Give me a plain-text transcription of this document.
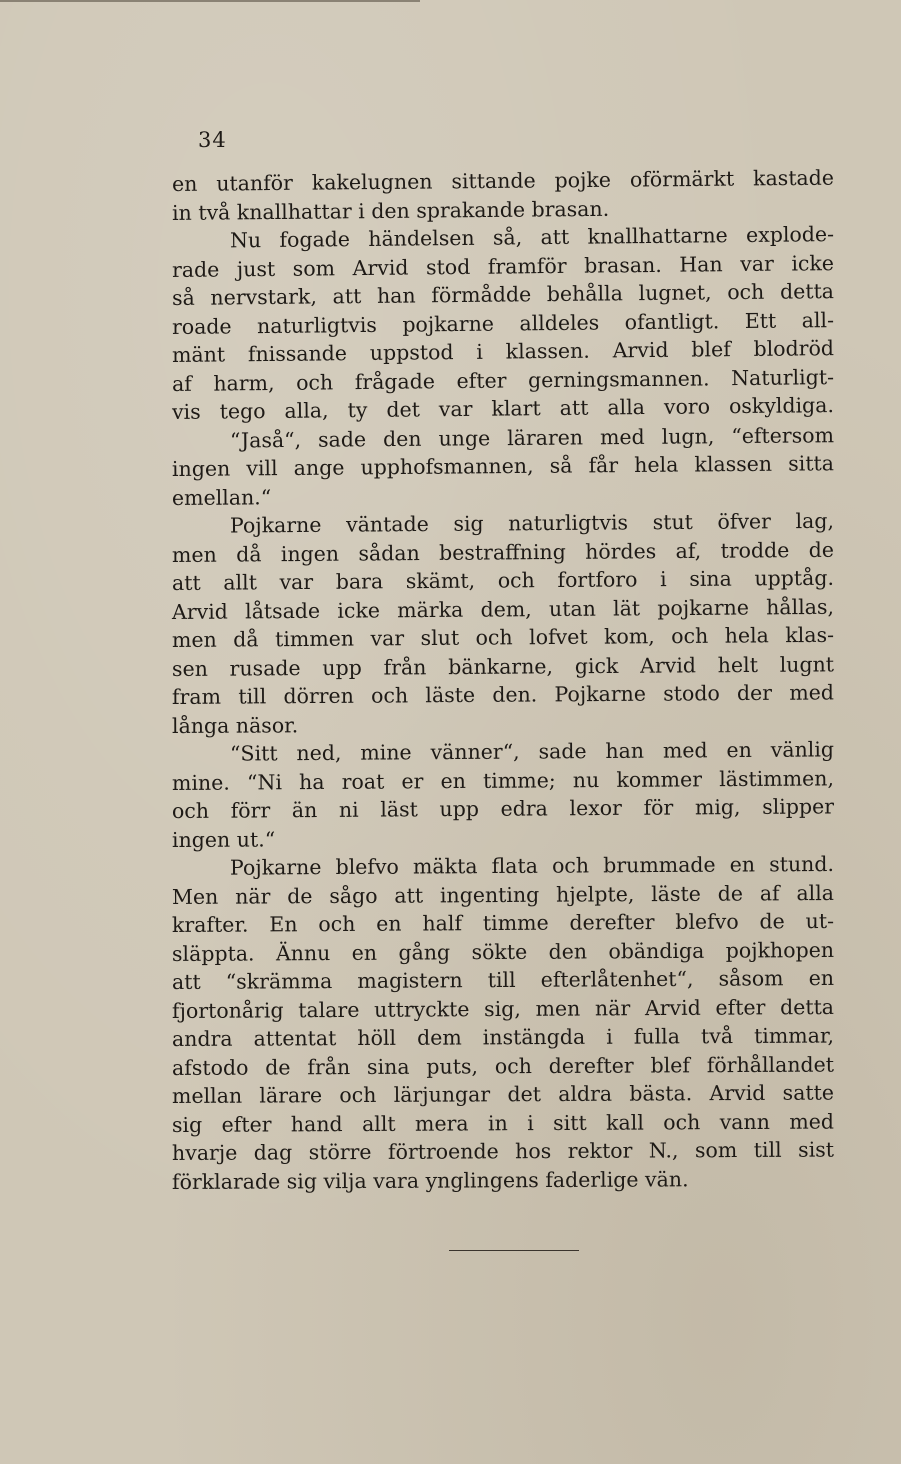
34
en utanför kakelugnen sittande pojke oförmärkt kastade
in två knallhattar i den sprakande brasan.
Nu fogade händelsen så, att knallhattarne explode-
rade just som Arvid stod framför brasan. Han var icke
så nervstark, att han förmådde behålla lugnet, och detta
roade naturligtvis pojkarne alldeles ofantligt. Ett all-
mänt fnissande uppstod i klassen. Arvid blef blodröd
af harm, och frågade efter gerningsmannen. Naturligt-
vis tego alla, ty det var klart att alla voro oskyldiga.
“Jaså“, sade den unge läraren med lugn, “eftersom
ingen vill ange upphofsmannen, så får hela klassen sitta
emellan.“
Pojkarne väntade sig naturligtvis stut öfver lag,
men då ingen sådan bestraffning hördes af, trodde de
att allt var bara skämt, och fortforo i sina upptåg.
Arvid låtsade icke märka dem, utan lät pojkarne hållas,
men då timmen var slut och lofvet kom, och hela klas-
sen rusade upp från bänkarne, gick Arvid helt lugnt
fram till dörren och läste den. Pojkarne stodo der med
långa näsor.
“Sitt ned, mine vänner“, sade han med en vänlig
mine. “Ni ha roat er en timme; nu kommer lästimmen,
och förr än ni läst upp edra lexor för mig, slipper
ingen ut.“
Pojkarne blefvo mäkta flata och brummade en stund.
Men när de sågo att ingenting hjelpte, läste de af alla
krafter. En och en half timme derefter blefvo de ut-
släppta. Ännu en gång sökte den obändiga pojkhopen
att “skrämma magistern till efterlåtenhet“, såsom en
fjortonårig talare uttryckte sig, men när Arvid efter detta
andra attentat höll dem instängda i fulla två timmar,
afstodo de från sina puts, och derefter blef förhållandet
mellan lärare och lärjungar det aldra bästa. Arvid satte
sig efter hand allt mera in i sitt kall och vann med
hvarje dag större förtroende hos rektor N., som till sist
förklarade sig vilja vara ynglingens faderlige vän.
